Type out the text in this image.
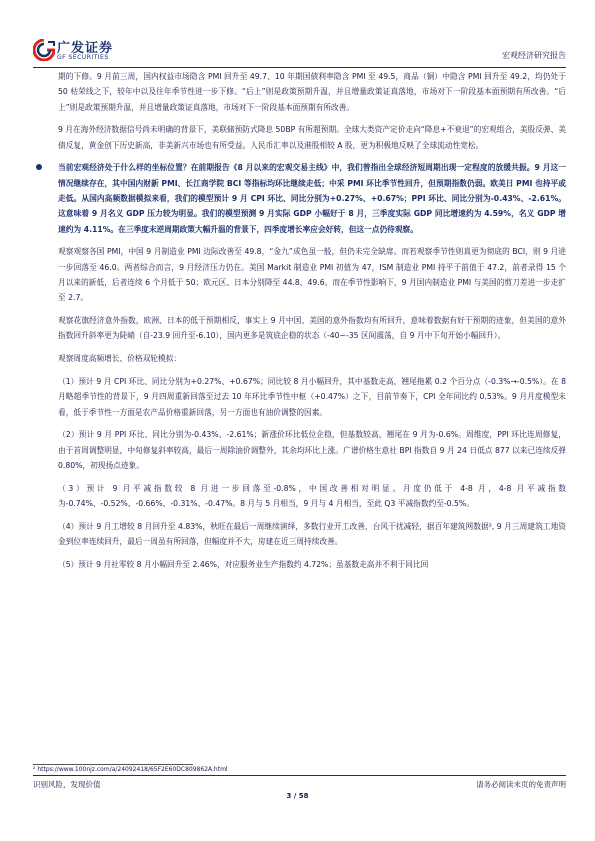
广发证券
GF SECURITIES	宏观经济研究报告

期的下修。9 月前三周，国内权益市场隐含 PMI 回升至 49.7、10 年期国债利率隐含 PMI 至 49.5，商品（铜）中隐含 PMI 回升至 49.2，均仍处于 50 枯荣线之下，较年中以及往年季节性进一步下修。“后上”则是政策预期升温，并且增量政策证真落地，市场对下一阶段基本面预期有所改善。“后上”则是政策预期升温，并且增量政策证真落地，市场对下一阶段基本面预期有所改善。

9 月在海外经济数据信号尚未明确的背景下，美联储预防式降息 50BP 有所超预期。全球大类资产定价走向“降息+不衰退”的宏观组合，美股反弹、美债反复，黄金创下历史新高，非美新兴市场也有所受益。人民币汇率以及港股相较 A 股，更为积极地反映了全球流动性宽松。

当前宏观经济处于什么样的坐标位置？在前期报告《8 月以来的宏观交易主线》中，我们曾指出全球经济短周期出现一定程度的放缓共振。9 月这一情况继续存在，其中国内财新 PMI、长江商学院 BCI 等指标均环比继续走低；中采 PMI 环比季节性回升，但预期指数仍弱。欧美日 PMI 也持平或走低。从国内高频数据模拟来看，我们的模型预计 9 月 CPI 环比、同比分别为+0.27%、+0.67%；PPI 环比、同比分别为-0.43%、-2.61%。这意味着 9 月名义 GDP 压力较为明显。我们的模型预测 9 月实际 GDP 小幅好于 8 月，三季度实际 GDP 同比增速约为 4.59%，名义 GDP 增速约为 4.11%。在三季度末逆周期政策大幅升温的背景下，四季度增长率应会好转，但这一点仍待观察。

观察观察各国 PMI，中国 9 月制造业 PMI 边际改善至 49.8，“金九”成色虽一般，但仍未完全缺席。而若观察季节性则真更为彻底的 BCI，则 9 月进一步回落至 46.0。两者综合而言，9 月经济压力仍在。美国 Markit 制造业 PMI 初值为 47，ISM 制造业 PMI 持平于前值于 47.2，前者录得 15 个月以来的新低，后者连续 6 个月低于 50；欧元区、日本分别降至 44.8、49.6。而在季节性影响下，9 月国内制造业 PMI 与美国的剪刀差进一步走扩至 2.7。

观察花旗经济意外指数，欧洲、日本的低于预期相反，事实上 9 月中国、美国的意外指数均有所回升，意味着数据有好于预期的迹象，但美国的意外指数回升斜率更为陡峭（自-23.9 回升至-6.10），国内更多是筑底企稳的状态（-40~-35 区间震荡，自 9 月中下旬开始小幅回升）。

观察周度高频增长、价格双轮模拟：

（1）预计 9 月 CPI 环比、同比分别为+0.27%、+0.67%；同比较 8 月小幅回升，其中基数走高，翘尾拖累 0.2 个百分点（-0.3%→-0.5%）。在 8 月略超季节性的背景下，9 月四周重新回落至过去 10 年环比季节性中枢（+0.47%）之下，目前节奏下，CPI 全年同比约 0.53%。9 月月度模型未看，低于季节性一方面是农产品价格重新回落，另一方面也有油价调整的因素。

（2）预计 9 月 PPI 环比、同比分别为-0.43%、-2.61%；新涨价环比低位企稳，但基数较高，翘尾在 9 月为-0.6%。周维度，PPI 环比连周修复，由于首周调整明显，中旬修复斜率较高，最后一周除油价调整外，其余均环比上涨。广谱价格生意社 BPI 指数自 9 月 24 日低点 877 以来已连续反弹 0.80%，初现扬点迹象。

（3）预计 9 月平减指数较 8 月进一步回落至-0.8%，中国改善相对明显。月度仍低于 4-8 月，4-8 月平减指数为-0.74%、-0.52%、-0.66%、-0.31%、-0.47%。8 月与 5 月相当，9 月与 4 月相当，至此 Q3 平减指数约至-0.5%。

（4）预计 9 月工增较 8 月回升至 4.83%，秋旺在最后一周继续演绎，多数行业开工改善，台风干扰减轻，据百年建筑网数据², 9 月三周建筑工地资金到位率连续回升，最后一周虽有所回落，但幅度并不大，房建在近三周持续改善。

（5）预计 9 月社零较 8 月小幅回升至 2.46%，对应服务业生产指数约 4.72%；虽基数走高并不利于同比回

² https://www.100njz.com/a/24092418/65F2E60DC809862A.html
识别风险，发现价值	请务必阅读末页的免责声明
3 / 58
